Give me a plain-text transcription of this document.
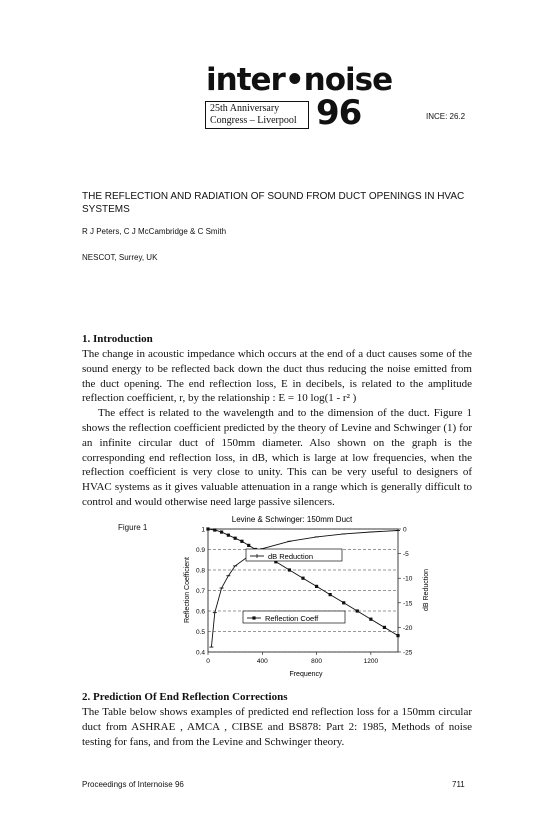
inter•noise
25th Anniversary
Congress – Liverpool 96	INCE: 26.2
THE REFLECTION AND RADIATION OF SOUND FROM DUCT OPENINGS IN HVAC SYSTEMS
R J Peters, C J McCambridge & C Smith
NESCOT, Surrey, UK
1. Introduction

The change in acoustic impedance which occurs at the end of a duct causes some of the sound energy to be reflected back down the duct thus reducing the noise emitted from the duct opening. The end reflection loss, E in decibels, is related to the amplitude reflection coefficient, r, by the relationship : E = 10 log(1 - r² )

The effect is related to the wavelength and to the dimension of the duct. Figure 1 shows the reflection coefficient predicted by the theory of Levine and Schwinger (1) for an infinite circular duct of 150mm diameter. Also shown on the graph is the corresponding end reflection loss, in dB, which is large at low frequencies, when the reflection coefficient is very close to unity. This can be very useful to designers of HVAC systems as it gives valuable attenuation in a range which is generally difficult to control and would otherwise need large passive silencers.

Figure 1
Levine & Schwinger: 150mm Duct
0.4
0.5
0.6
0.7
0.8
0.9
1
-25
-20
-15
-10
-5
0
0	400	800	1200
dB Reduction
Reflection Coeff
Frequency
Reflection Coefficient	dB Reduction
2. Prediction Of End Reflection Corrections
The Table below shows examples of predicted end reflection loss for a 150mm circular duct from ASHRAE , AMCA , CIBSE and BS878: Part 2: 1985, Methods of noise testing for fans, and from the Levine and Schwinger theory.
Proceedings of Internoise 96	711
